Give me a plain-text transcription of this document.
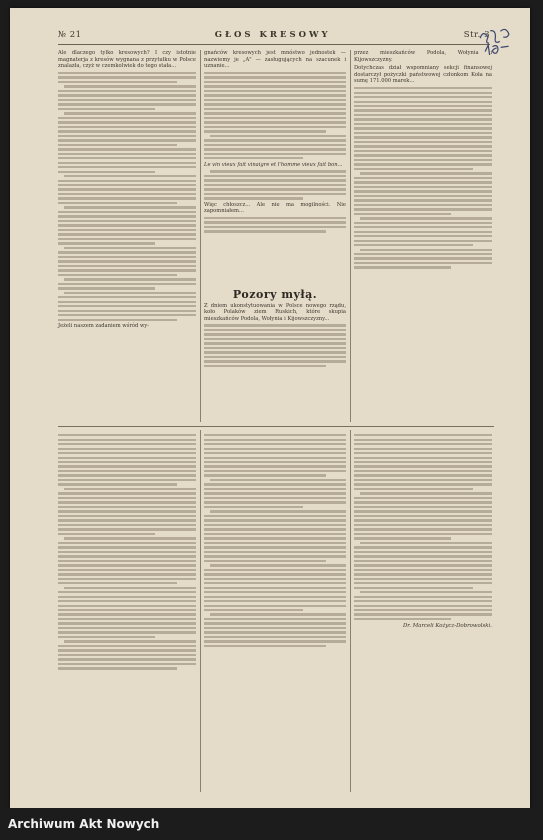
№ 21	GŁOS KRESOWY	Str. 3
Ale dlaczego tylko kresowych? I czy istotnie magnaterja z kresów wygnana z przytułku w Polsce znalazła, czyż w czemkolwiek do tego stała...
Jeżeli naszem zadaniem wśród wy-
gnańców kresowych jest mnóstwo jednostek — nazwiemy je „A" — zasługujących na szacunek i uznanie...
Le vin vieux fait vinaigre et l'homme vieux fait bon...
Więc chłoszcz... Ale nie ma mogilności. Nie zapomniałem...
Pozory myłą.
Z dniem ukonstytuowania w Polsce nowego rządu, koło Polaków ziem Ruskich, które skupia mieszkańców Podola, Wołynia i Kijowszczyzny...
przez mieszkańców Podola, Wołynia i Kijowszczyzny.
Dotychczas dział wspomniany sekcji finansowej dostarczył pożyczki państwowej członkom Koła na sumę 171.000 marek...
Dr. Marceli Kożycz-Dobrowolski.
Archiwum Akt Nowych
